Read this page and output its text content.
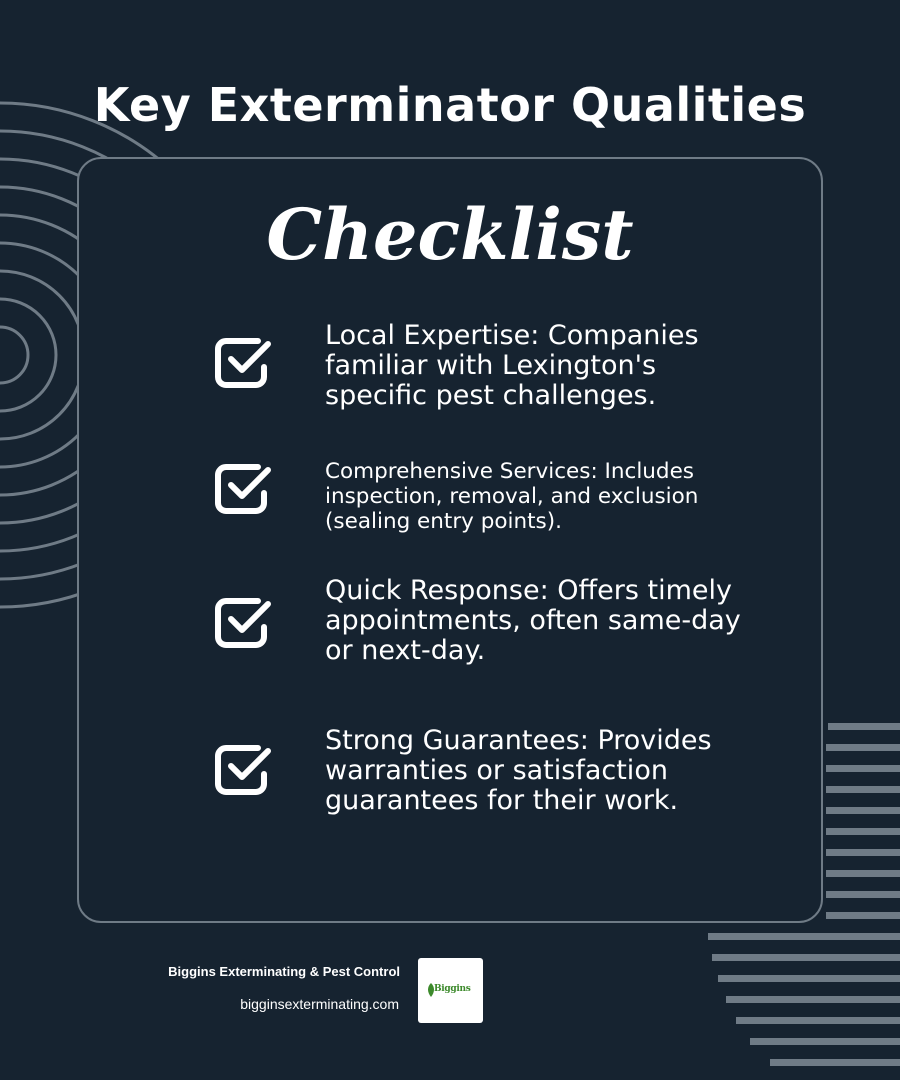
Key Exterminator Qualities
Checklist

Local Expertise: Companies familiar with Lexington's specific pest challenges.

Comprehensive Services: Includes inspection, removal, and exclusion (sealing entry points).

Quick Response: Offers timely appointments, often same-day or next-day.

Strong Guarantees: Provides warranties or satisfaction guarantees for their work.

Biggins Exterminating & Pest Control
bigginsexterminating.com
Biggins
